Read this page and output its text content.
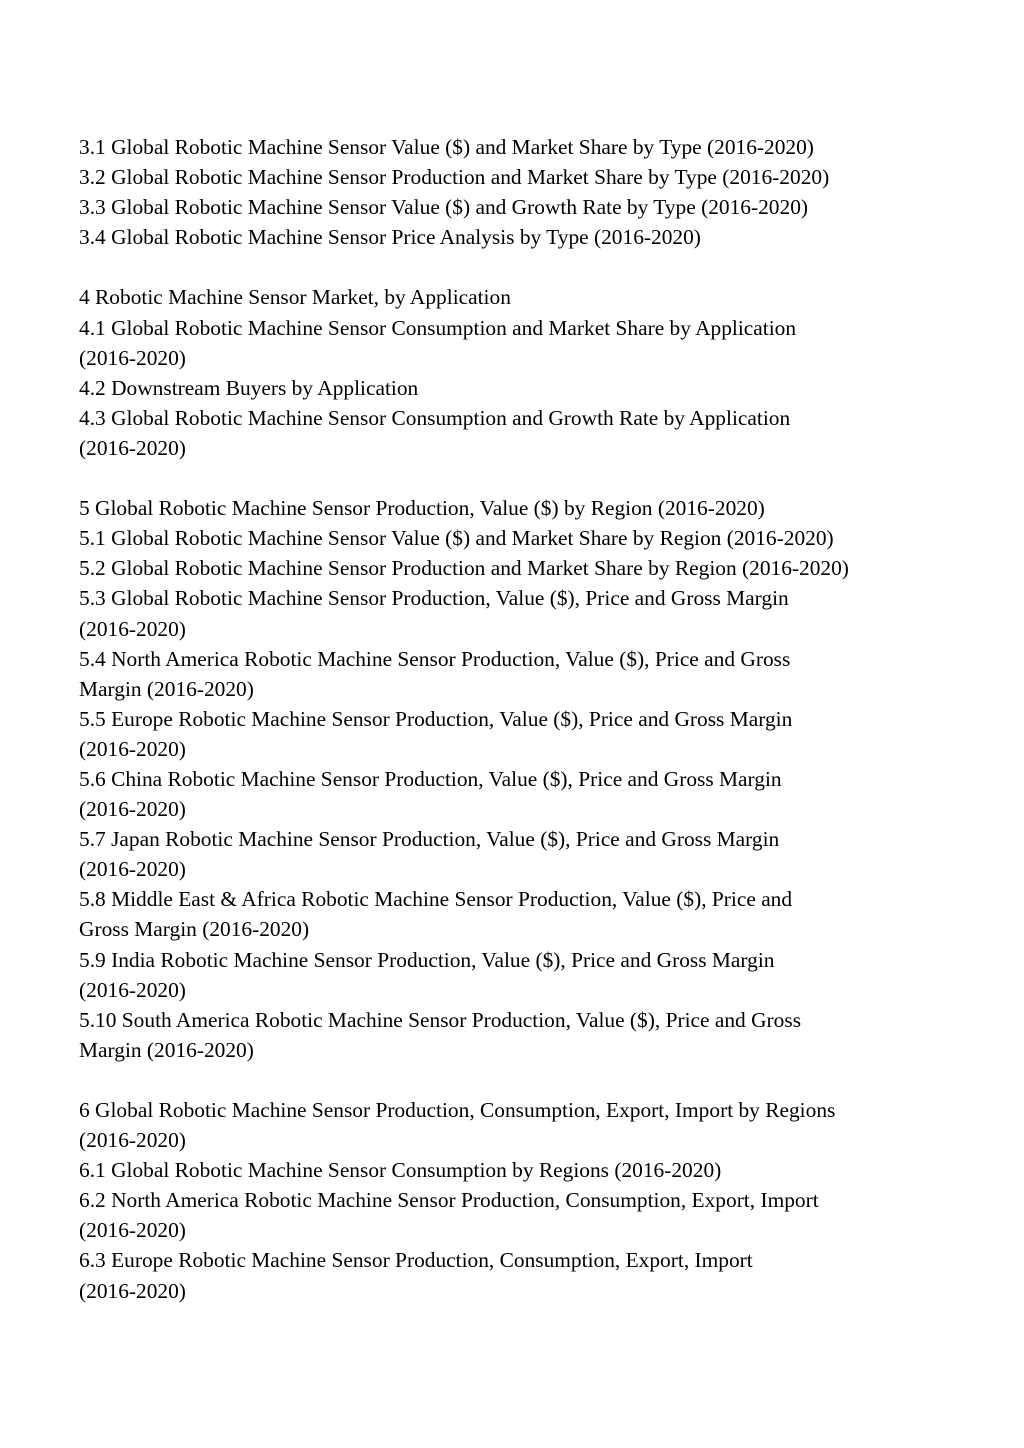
3.1 Global Robotic Machine Sensor Value ($) and Market Share by Type (2016-2020)
3.2 Global Robotic Machine Sensor Production and Market Share by Type (2016-2020)
3.3 Global Robotic Machine Sensor Value ($) and Growth Rate by Type (2016-2020)
3.4 Global Robotic Machine Sensor Price Analysis by Type (2016-2020)
4 Robotic Machine Sensor Market, by Application
4.1 Global Robotic Machine Sensor Consumption and Market Share by Application
(2016-2020)
4.2 Downstream Buyers by Application
4.3 Global Robotic Machine Sensor Consumption and Growth Rate by Application
(2016-2020)
5 Global Robotic Machine Sensor Production, Value ($) by Region (2016-2020)
5.1 Global Robotic Machine Sensor Value ($) and Market Share by Region (2016-2020)
5.2 Global Robotic Machine Sensor Production and Market Share by Region (2016-2020)
5.3 Global Robotic Machine Sensor Production, Value ($), Price and Gross Margin
(2016-2020)
5.4 North America Robotic Machine Sensor Production, Value ($), Price and Gross
Margin (2016-2020)
5.5 Europe Robotic Machine Sensor Production, Value ($), Price and Gross Margin
(2016-2020)
5.6 China Robotic Machine Sensor Production, Value ($), Price and Gross Margin
(2016-2020)
5.7 Japan Robotic Machine Sensor Production, Value ($), Price and Gross Margin
(2016-2020)
5.8 Middle East & Africa Robotic Machine Sensor Production, Value ($), Price and
Gross Margin (2016-2020)
5.9 India Robotic Machine Sensor Production, Value ($), Price and Gross Margin
(2016-2020)
5.10 South America Robotic Machine Sensor Production, Value ($), Price and Gross
Margin (2016-2020)
6 Global Robotic Machine Sensor Production, Consumption, Export, Import by Regions
(2016-2020)
6.1 Global Robotic Machine Sensor Consumption by Regions (2016-2020)
6.2 North America Robotic Machine Sensor Production, Consumption, Export, Import
(2016-2020)
6.3 Europe Robotic Machine Sensor Production, Consumption, Export, Import
(2016-2020)
